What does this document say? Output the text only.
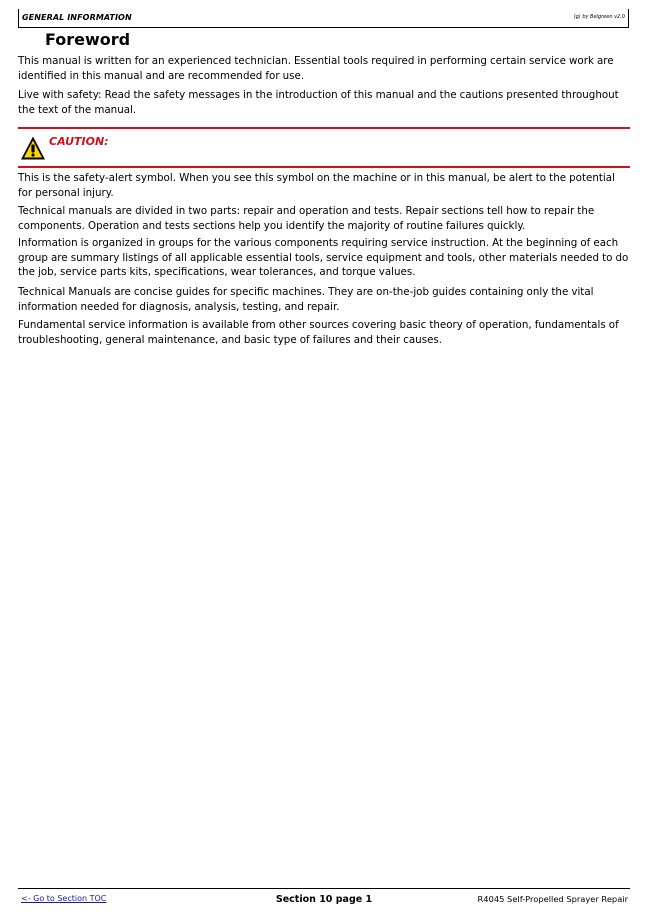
GENERAL INFORMATION	(g) by Belgreen v2.0
Foreword

This manual is written for an experienced technician. Essential tools required in performing certain service work are identified in this manual and are recommended for use.

Live with safety: Read the safety messages in the introduction of this manual and the cautions presented throughout the text of the manual.

CAUTION:

This is the safety-alert symbol. When you see this symbol on the machine or in this manual, be alert to the potential for personal injury.

Technical manuals are divided in two parts: repair and operation and tests. Repair sections tell how to repair the components. Operation and tests sections help you identify the majority of routine failures quickly.

Information is organized in groups for the various components requiring service instruction. At the beginning of each group are summary listings of all applicable essential tools, service equipment and tools, other materials needed to do the job, service parts kits, specifications, wear tolerances, and torque values.

Technical Manuals are concise guides for specific machines. They are on-the-job guides containing only the vital information needed for diagnosis, analysis, testing, and repair.

Fundamental service information is available from other sources covering basic theory of operation, fundamentals of troubleshooting, general maintenance, and basic type of failures and their causes.

<- Go to Section TOC	Section 10 page 1	R4045 Self-Propelled Sprayer Repair
